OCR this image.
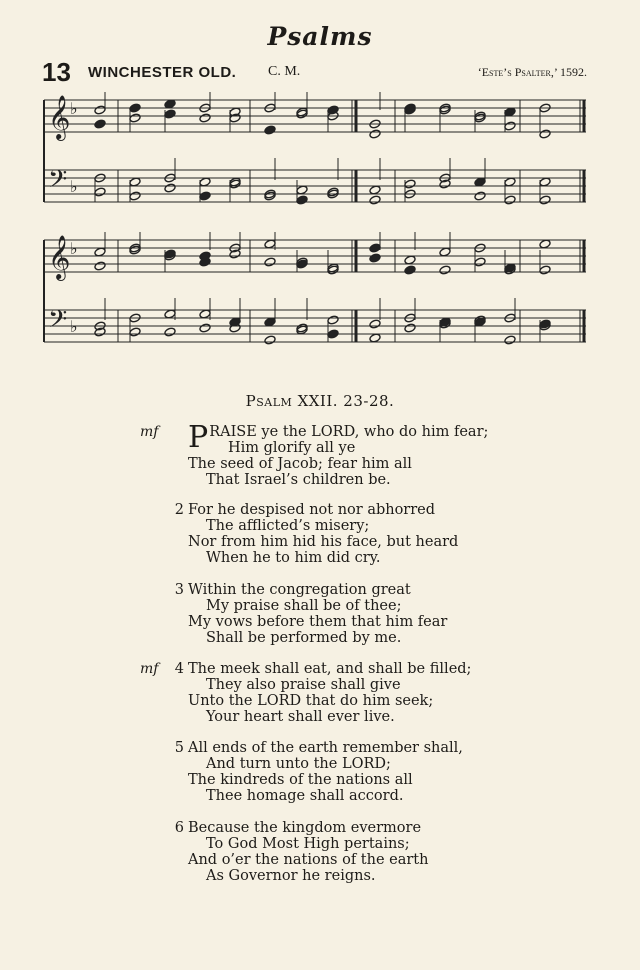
Psalms
13 WINCHESTER OLD. C. M.	‘Este’s Psalter,’ 1592.
𝄞 ♭
𝄢 ♭
𝄞 ♭
𝄢 ♭
Psalm XXII. 23-28.
mf PRAISE ye the LORD, who do him fear;
Him glorify all ye
The seed of Jacob; fear him all
That Israel’s children be.
2 For he despised not nor abhorred
The afflicted’s misery;
Nor from him hid his face, but heard
When he to him did cry.
3 Within the congregation great
My praise shall be of thee;
My vows before them that him fear
Shall be performed by me.
mf 4 The meek shall eat, and shall be filled;
They also praise shall give
Unto the LORD that do him seek;
Your heart shall ever live.
5 All ends of the earth remember shall,
And turn unto the LORD;
The kindreds of the nations all
Thee homage shall accord.
6 Because the kingdom evermore
To God Most High pertains;
And o’er the nations of the earth
As Governor he reigns.
